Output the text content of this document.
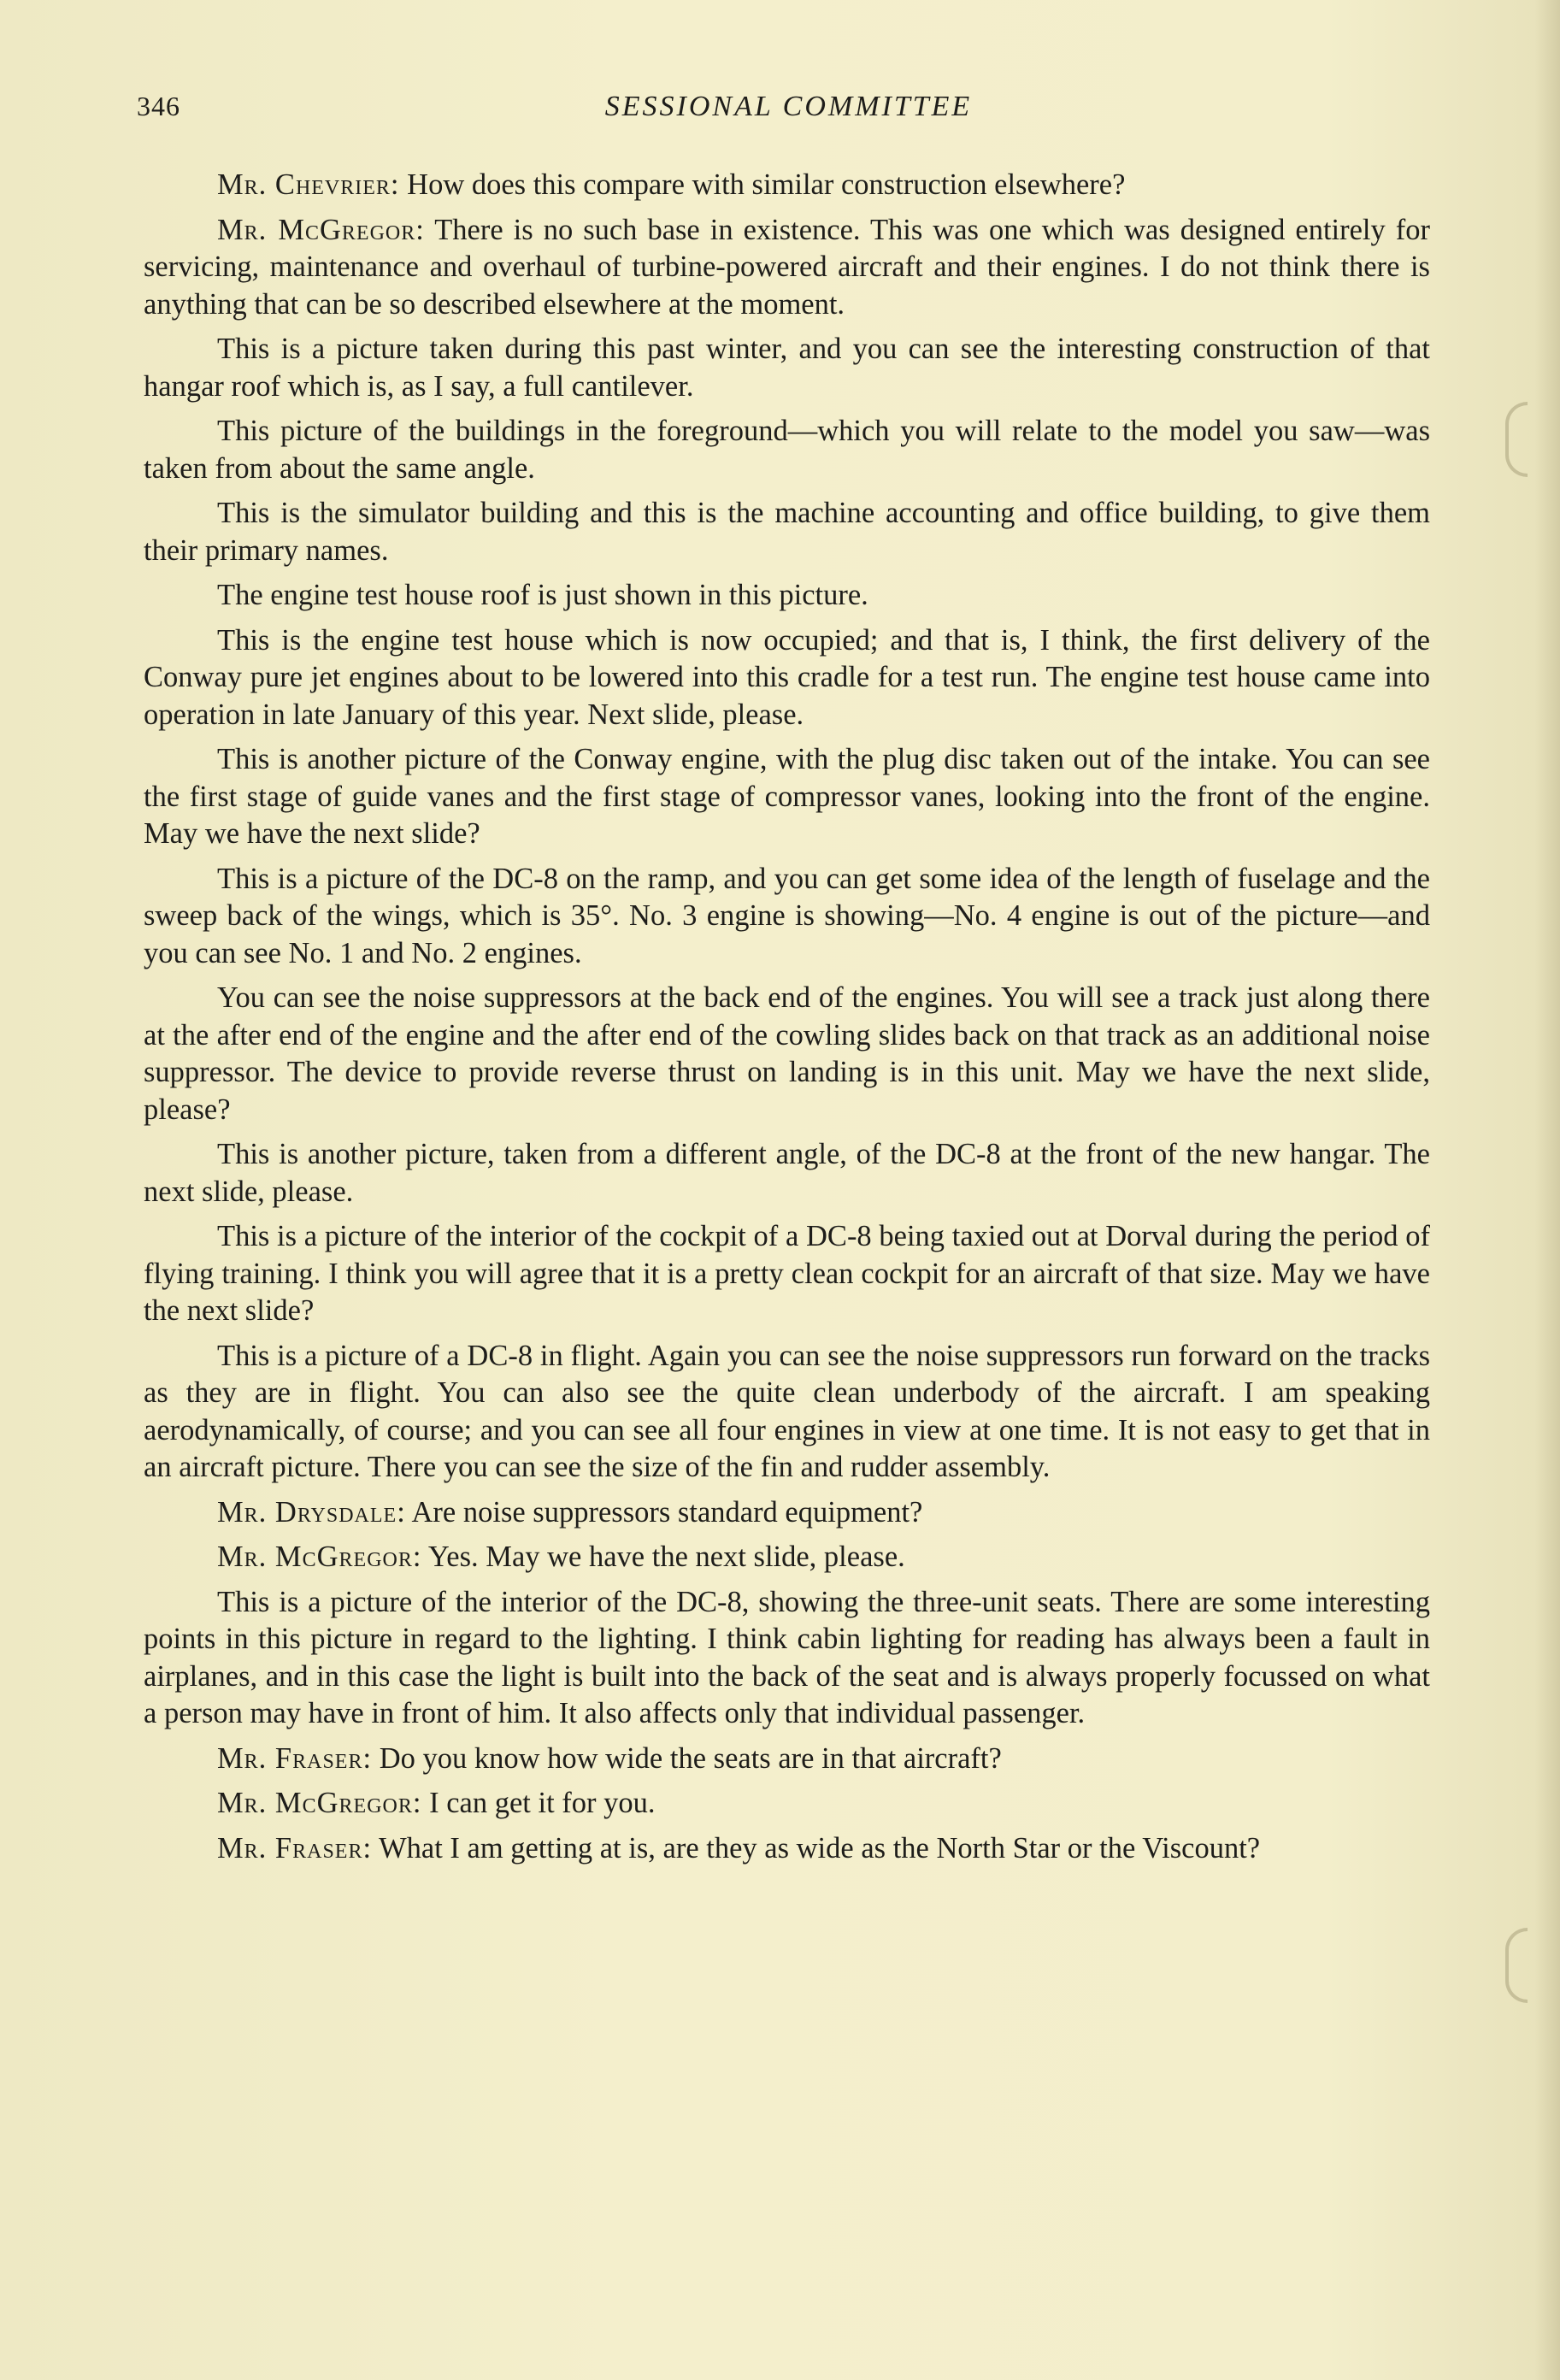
346	SESSIONAL COMMITTEE

Mr. Chevrier: How does this compare with similar construction elsewhere?

Mr. McGregor: There is no such base in existence. This was one which was designed entirely for servicing, maintenance and overhaul of turbine-powered aircraft and their engines. I do not think there is anything that can be so described elsewhere at the moment.

This is a picture taken during this past winter, and you can see the interesting construction of that hangar roof which is, as I say, a full cantilever.

This picture of the buildings in the foreground—which you will relate to the model you saw—was taken from about the same angle.

This is the simulator building and this is the machine accounting and office building, to give them their primary names.

The engine test house roof is just shown in this picture.

This is the engine test house which is now occupied; and that is, I think, the first delivery of the Conway pure jet engines about to be lowered into this cradle for a test run. The engine test house came into operation in late January of this year. Next slide, please.

This is another picture of the Conway engine, with the plug disc taken out of the intake. You can see the first stage of guide vanes and the first stage of compressor vanes, looking into the front of the engine. May we have the next slide?

This is a picture of the DC-8 on the ramp, and you can get some idea of the length of fuselage and the sweep back of the wings, which is 35°. No. 3 engine is showing—No. 4 engine is out of the picture—and you can see No. 1 and No. 2 engines.

You can see the noise suppressors at the back end of the engines. You will see a track just along there at the after end of the engine and the after end of the cowling slides back on that track as an additional noise suppressor. The device to provide reverse thrust on landing is in this unit. May we have the next slide, please?

This is another picture, taken from a different angle, of the DC-8 at the front of the new hangar. The next slide, please.

This is a picture of the interior of the cockpit of a DC-8 being taxied out at Dorval during the period of flying training. I think you will agree that it is a pretty clean cockpit for an aircraft of that size. May we have the next slide?

This is a picture of a DC-8 in flight. Again you can see the noise suppressors run forward on the tracks as they are in flight. You can also see the quite clean underbody of the aircraft. I am speaking aerodynamically, of course; and you can see all four engines in view at one time. It is not easy to get that in an aircraft picture. There you can see the size of the fin and rudder assembly.

Mr. Drysdale: Are noise suppressors standard equipment?

Mr. McGregor: Yes. May we have the next slide, please.

This is a picture of the interior of the DC-8, showing the three-unit seats. There are some interesting points in this picture in regard to the lighting. I think cabin lighting for reading has always been a fault in airplanes, and in this case the light is built into the back of the seat and is always properly focussed on what a person may have in front of him. It also affects only that individual passenger.

Mr. Fraser: Do you know how wide the seats are in that aircraft?

Mr. McGregor: I can get it for you.

Mr. Fraser: What I am getting at is, are they as wide as the North Star or the Viscount?
